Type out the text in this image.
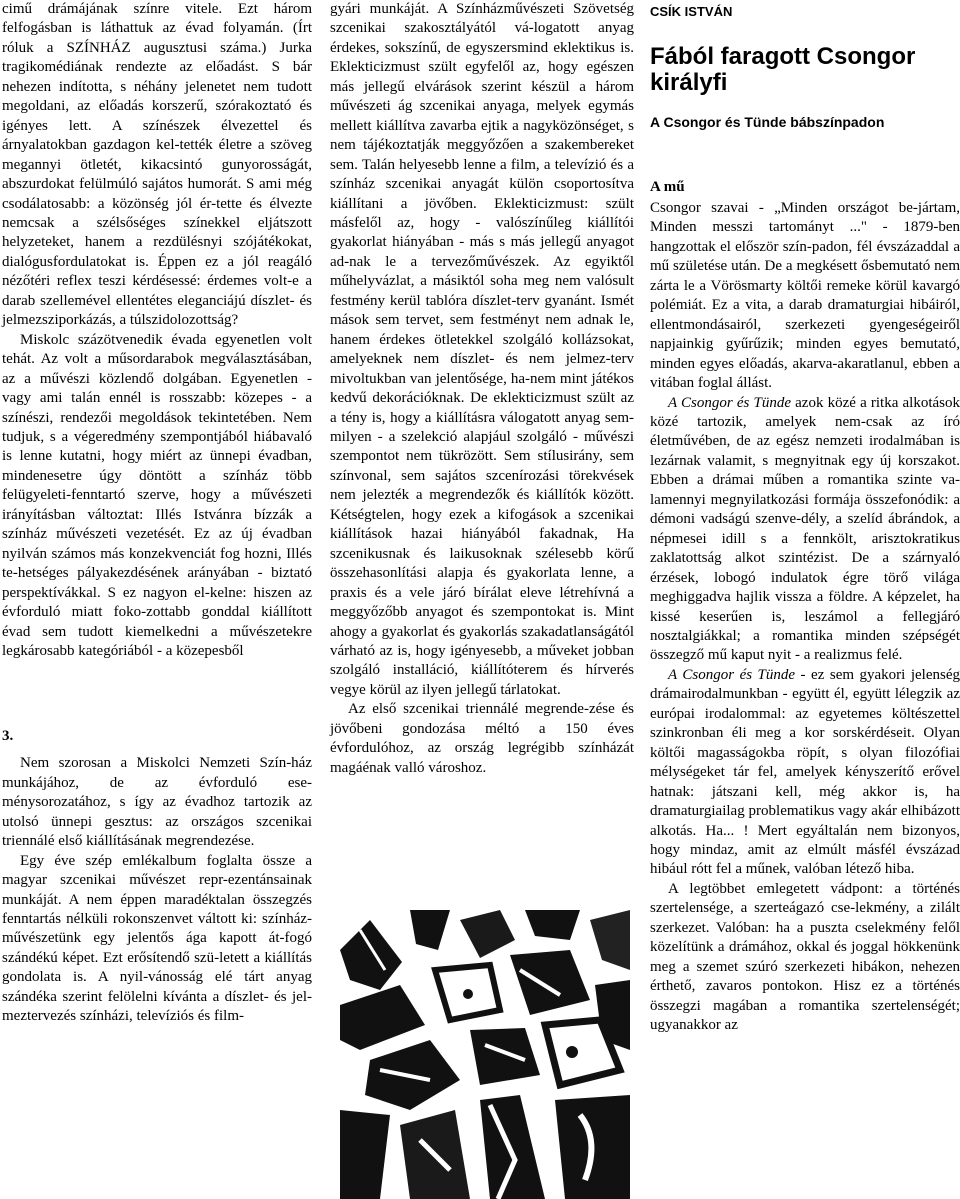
cimű drámájának színre vitele. Ezt három felfogásban is láthattuk az évad folyamán. (Írt róluk a SZÍNHÁZ augusztusi száma.) Jurka tragikomédiának rendezte az előadást. S bár nehezen indította, s néhány jelenetet nem tudott megoldani, az előadás korszerű, szórakoztató és igényes lett. A színészek élvezettel és árnyalatokban gazdagon kel-tették életre a szöveg megannyi ötletét, kikacsintó gunyorosságát, abszurdokat felülmúló sajátos humorát. S ami még csodálatosabb: a közönség jól ér-tette és élvezte nemcsak a szélsőséges színekkel eljátszott helyzeteket, hanem a rezdülésnyi szójátékokat, dialógusfordulatokat is. Éppen ez a jól reagáló nézőtéri reflex teszi kérdésessé: érdemes volt-e a darab szellemével ellentétes eleganciájú díszlet- és jelmezsziporkázás, a túlszidolozottság?

Miskolc százötvenedik évada egyenetlen volt tehát. Az volt a műsordarabok megválasztásában, az a művészi közlendő dolgában. Egyenetlen - vagy ami talán ennél is rosszabb: közepes - a színészi, rendezői megoldások tekintetében. Nem tudjuk, s a végeredmény szempontjából hiábavaló is lenne kutatni, hogy miért az ünnepi évadban, mindenesetre úgy döntött a színház több felügyeleti-fenntartó szerve, hogy a művészeti irányításban változtat: Illés Istvánra bízzák a színház művészeti vezetését. Ez az új évadban nyilván számos más konzekvenciát fog hozni, Illés te-hetséges pályakezdésének arányában - biztató perspektívákkal. S ez nagyon el-kelne: hiszen az évforduló miatt foko-zottabb gonddal kiállított évad sem tudott kiemelkedni a művészetekre legkárosabb kategóriából - a közepesből

3.

Nem szorosan a Miskolci Nemzeti Szín-ház munkájához, de az évforduló ese-ménysorozatához, s így az évadhoz tartozik az utolsó ünnepi gesztus: az országos szcenikai triennálé első kiállításának megrendezése.

Egy éve szép emlékalbum foglalta össze a magyar szcenikai művészet repr-ezentánsainak munkáját. A nem éppen maradéktalan összegzés fenntartás nélküli rokonszenvet váltott ki: színház-művészetünk egy jelentős ága kapott át-fogó szándékú képet. Ezt erősítendő szü-letett a kiállítás gondolata is. A nyil-vánosság elé tárt anyag szándéka szerint felölelni kívánta a díszlet- és jel-meztervezés színházi, televíziós és film-

gyári munkáját. A Színházművészeti Szövetség szcenikai szakosztályától vá-logatott anyag érdekes, sokszínű, de egyszersmind eklektikus is. Eklekticizmust szült egyfelől az, hogy egészen más jellegű elvárások szerint készül a három művészeti ág szcenikai anyaga, melyek egymás mellett kiállítva zavarba ejtik a nagyközönséget, s nem tájékoztatják meggyőzően a szakembereket sem. Talán helyesebb lenne a film, a televízió és a színház szcenikai anyagát külön csoportosítva kiállítani a jövőben. Eklekticizmust: szült másfelől az, hogy - valószínűleg kiállítói gyakorlat hiányában - más s más jellegű anyagot ad-nak le a tervezőművészek. Az egyiktől műhelyvázlat, a másiktól soha meg nem valósult festmény kerül tablóra díszlet-terv gyanánt. Ismét mások sem tervet, sem festményt nem adnak le, hanem érdekes ötletekkel szolgáló kollázsokat, amelyeknek nem díszlet- és nem jelmez-terv mivoltukban van jelentősége, ha-nem mint játékos kedvű dekorációknak. De eklekticizmust szült az a tény is, hogy a kiállításra válogatott anyag sem-milyen - a szelekció alapjául szolgáló - művészi szempontot nem tükrözött. Sem stílusirány, sem színvonal, sem sajátos szcenírozási törekvések nem jelezték a megrendezők és kiállítók között. Kétségtelen, hogy ezek a kifogások a szcenikai kiállítások hazai hiányából fakadnak, Ha szcenikusnak és laikusoknak szélesebb körű összehasonlítási alapja és gyakorlata lenne, a praxis és a vele járó bírálat eleve létrehívná a meggyőzőbb anyagot és szempontokat is. Mint ahogy a gyakorlat és gyakorlás szakadatlanságától várható az is, hogy igényesebb, a műveket jobban szolgáló installáció, kiállítóterem és hírverés vegye körül az ilyen jellegű tárlatokat.

Az első szcenikai triennálé megrende-zése és jövőbeni gondozása méltó a 150 éves évfordulóhoz, az ország legrégibb színházát magáénak valló városhoz.

CSÍK ISTVÁN
Fából faragott Csongor királyfi
A Csongor és Tünde bábszínpadon
A mű

Csongor szavai - „Minden országot be-jártam, Minden messzi tartományt ..." - 1879-ben hangzottak el először szín-padon, fél évszázaddal a mű születése után. De a megkésett ősbemutató nem zárta le a Vörösmarty költői remeke körül kavargó polémiát. Ez a vita, a darab dramaturgiai hibáiról, ellentmondásairól, szerkezeti gyengeségeiről napjainkig gyűrűzik; minden egyes bemutató, minden egyes előadás, akarva-akaratlanul, ebben a vitában foglal állást.

A Csongor és Tünde azok közé a ritka alkotások közé tartozik, amelyek nem-csak az író életművében, de az egész nemzeti irodalmában is lezárnak valamit, s megnyitnak egy új korszakot. Ebben a drámai műben a romantika szinte va-lamennyi megnyilatkozási formája összefonódik: a démoni vadságú szenve-dély, a szelíd ábrándok, a népmesei idill s a fennkölt, arisztokratikus zaklatottság alkot szintézist. De a szárnyaló érzések, lobogó indulatok égre törő világa meghiggadva hajlik vissza a földre. A képzelet, ha kissé keserűen is, leszámol a fellegjáró nosztalgiákkal; a romantika minden szépségét összegző mű kaput nyit - a realizmus felé.

A Csongor és Tünde - ez sem gyakori jelenség drámairodalmunkban - együtt él, együtt lélegzik az európai irodalommal: az egyetemes költészettel szinkronban éli meg a kor sorskérdéseit. Olyan költői magasságokba röpít, s olyan filozófiai mélységeket tár fel, amelyek kényszerítő erővel hatnak: játszani kell, még akkor is, ha dramaturgiailag problematikus vagy akár elhibázott alkotás. Ha... ! Mert egyáltalán nem bizonyos, hogy mindaz, amit az elmúlt másfél évszázad hibául rótt fel a műnek, valóban létező hiba.

A legtöbbet emlegetett vádpont: a történés szertelensége, a szerteágazó cse-lekmény, a zilált szerkezet. Valóban: ha a puszta cselekmény felől közelítünk a drámához, okkal és joggal hökkenünk meg a szemet szúró szerkezeti hibákon, nehezen érthető, zavaros pontokon. Hisz ez a történés összegzi magában a romantika szertelenségét; ugyanakkor az
